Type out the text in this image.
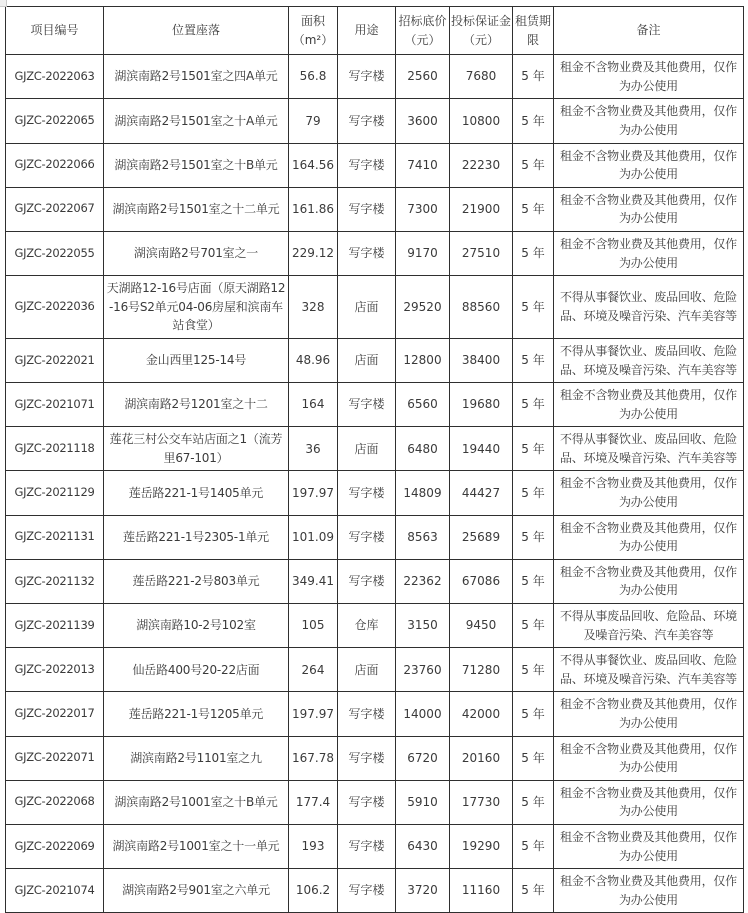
项目编号	位置座落	面积（m²）	用途	招标底价（元）	投标保证金（元）	租赁期限	备注
GJZC-2022063	湖滨南路2号1501室之四A单元	56.8	写字楼	2560	7680	5 年	租金不含物业费及其他费用，仅作为办公使用
GJZC-2022065	湖滨南路2号1501室之十A单元	79	写字楼	3600	10800	5 年	租金不含物业费及其他费用，仅作为办公使用
GJZC-2022066	湖滨南路2号1501室之十B单元	164.56	写字楼	7410	22230	5 年	租金不含物业费及其他费用，仅作为办公使用
GJZC-2022067	湖滨南路2号1501室之十二单元	161.86	写字楼	7300	21900	5 年	租金不含物业费及其他费用，仅作为办公使用
GJZC-2022055	湖滨南路2号701室之一	229.12	写字楼	9170	27510	5 年	租金不含物业费及其他费用，仅作为办公使用
GJZC-2022036	天湖路12-16号店面（原天湖路12-16号S2单元04-06房屋和滨南车站食堂）	328	店面	29520	88560	5 年	不得从事餐饮业、废品回收、危险品、环境及噪音污染、汽车美容等
GJZC-2022021	金山西里125-14号	48.96	店面	12800	38400	5 年	不得从事餐饮业、废品回收、危险品、环境及噪音污染、汽车美容等
GJZC-2021071	湖滨南路2号1201室之十二	164	写字楼	6560	19680	5 年	租金不含物业费及其他费用，仅作为办公使用
GJZC-2021118	莲花三村公交车站店面之1（流芳里67-101）	36	店面	6480	19440	5 年	不得从事餐饮业、废品回收、危险品、环境及噪音污染、汽车美容等
GJZC-2021129	莲岳路221-1号1405单元	197.97	写字楼	14809	44427	5 年	租金不含物业费及其他费用，仅作为办公使用
GJZC-2021131	莲岳路221-1号2305-1单元	101.09	写字楼	8563	25689	5 年	租金不含物业费及其他费用，仅作为办公使用
GJZC-2021132	莲岳路221-2号803单元	349.41	写字楼	22362	67086	5 年	租金不含物业费及其他费用，仅作为办公使用
GJZC-2021139	湖滨南路10-2号102室	105	仓库	3150	9450	5 年	不得从事废品回收、危险品、环境及噪音污染、汽车美容等
GJZC-2022013	仙岳路400号20-22店面	264	店面	23760	71280	5 年	不得从事餐饮业、废品回收、危险品、环境及噪音污染、汽车美容等
GJZC-2022017	莲岳路221-1号1205单元	197.97	写字楼	14000	42000	5 年	租金不含物业费及其他费用，仅作为办公使用
GJZC-2022071	湖滨南路2号1101室之九	167.78	写字楼	6720	20160	5 年	租金不含物业费及其他费用，仅作为办公使用
GJZC-2022068	湖滨南路2号1001室之十B单元	177.4	写字楼	5910	17730	5 年	租金不含物业费及其他费用，仅作为办公使用
GJZC-2022069	湖滨南路2号1001室之十一单元	193	写字楼	6430	19290	5 年	租金不含物业费及其他费用，仅作为办公使用
GJZC-2021074	湖滨南路2号901室之六单元	106.2	写字楼	3720	11160	5 年	租金不含物业费及其他费用，仅作为办公使用
